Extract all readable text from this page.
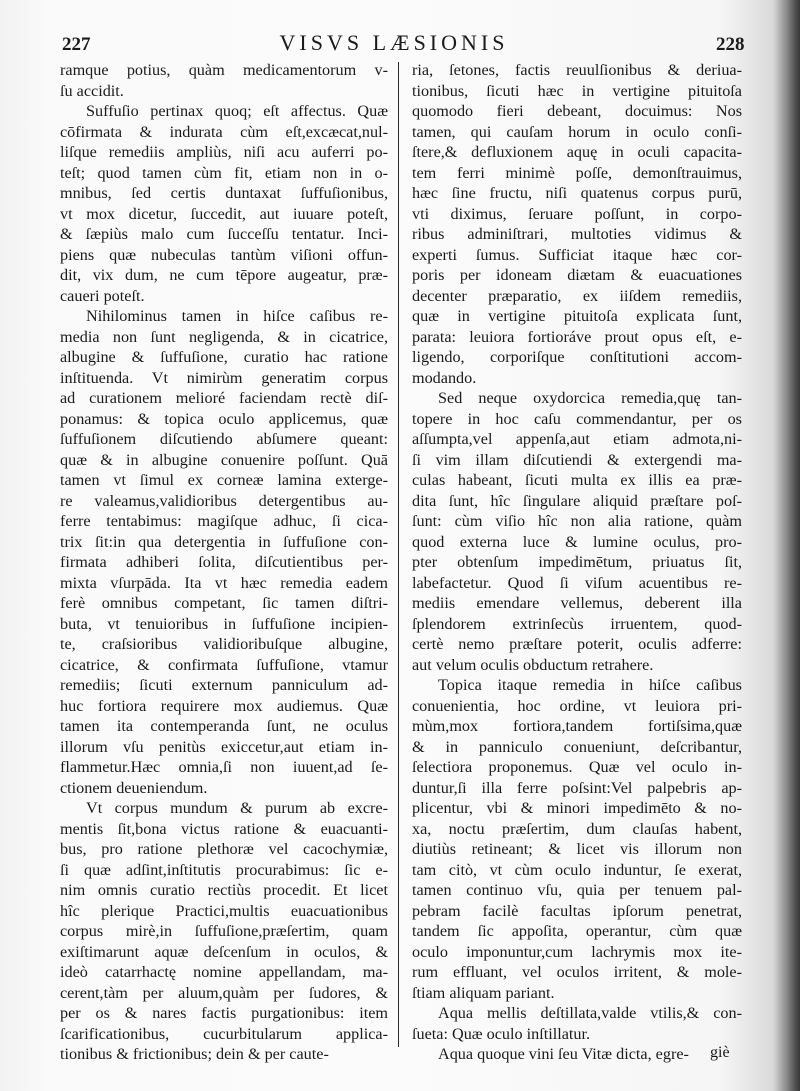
227	VISVS LÆSIONIS	228
ramque potius, quàm medicamentorum v-
ſu accidit.
Suffuſio pertinax quoq; eſt affectus. Quæ
cōfirmata & indurata cùm eſt,excæcat,nul-
liſque remediis ampliùs, niſi acu auferri po-
teſt; quod tamen cùm fit, etiam non in o-
mnibus, ſed certis duntaxat ſuffuſionibus,
vt mox dicetur, ſuccedit, aut iuuare poteſt,
& ſæpiùs malo cum ſucceſſu tentatur. Inci-
piens quæ nubeculas tantùm viſioni offun-
dit, vix dum, ne cum tēpore augeatur, præ-
caueri poteſt.
Nihilominus tamen in hiſce caſibus re-
media non ſunt negligenda, & in cicatrice,
albugine & ſuffuſione, curatio hac ratione
inſtituenda. Vt nimirùm generatim corpus
ad curationem melioré faciendam rectè diſ-
ponamus: & topica oculo applicemus, quæ
ſuffuſionem diſcutiendo abſumere queant:
quæ & in albugine conuenire poſſunt. Quā
tamen vt ſimul ex corneæ lamina exterge-
re valeamus,validioribus detergentibus au-
ferre tentabimus: magiſque adhuc, ſi cica-
trix ſit:in qua detergentia in ſuffuſione con-
firmata adhiberi ſolita, diſcutientibus per-
mixta vſurpāda. Ita vt hæc remedia eadem
ferè omnibus competant, ſic tamen diſtri-
buta, vt tenuioribus in ſuffuſione incipien-
te, craſsioribus validioribuſque albugine,
cicatrice, & confirmata ſuffuſione, vtamur
remediis; ſicuti externum panniculum ad-
huc fortiora requirere mox audiemus. Quæ
tamen ita contemperanda ſunt, ne oculus
illorum vſu penitùs exiccetur,aut etiam in-
flammetur.Hæc omnia,ſi non iuuent,ad ſe-
ctionem deueniendum.
Vt corpus mundum & purum ab excre-
mentis ſit,bona victus ratione & euacuanti-
bus, pro ratione plethoræ vel cacochymiæ,
ſi quæ adſint,inſtitutis procurabimus: ſic e-
nim omnis curatio rectiùs procedit. Et licet
hîc plerique Practici,multis euacuationibus
corpus mirè,in ſuffuſione,præſertim, quam
exiſtimarunt aquæ deſcenſum in oculos, &
ideò catarrhactę nomine appellandam, ma-
cerent,tàm per aluum,quàm per ſudores, &
per os & nares factis purgationibus: item
ſcarificationibus, cucurbitularum applica-
tionibus & frictionibus; dein & per caute-
ria, ſetones, factis reuulſionibus & deriua-
tionibus, ſicuti hæc in vertigine pituitoſa
quomodo fieri debeant, docuimus: Nos
tamen, qui cauſam horum in oculo conſi-
ſtere,& defluxionem aquę in oculi capacita-
tem ferri minimè poſſe, demonſtrauimus,
hæc ſine fructu, niſi quatenus corpus purū,
vti diximus, ſeruare poſſunt, in corpo-
ribus adminiſtrari, multoties vidimus &
experti ſumus. Sufficiat itaque hæc cor-
poris per idoneam diætam & euacuationes
decenter præparatio, ex iiſdem remediis,
quæ in vertigine pituitoſa explicata ſunt,
parata: leuiora fortioráve prout opus eſt, e-
ligendo, corporiſque conſtitutioni accom-
modando.
Sed neque oxydorcica remedia,quę tan-
topere in hoc caſu commendantur, per os
aſſumpta,vel appenſa,aut etiam admota,ni-
ſi vim illam diſcutiendi & extergendi ma-
culas habeant, ſicuti multa ex illis ea præ-
dita ſunt, hîc ſingulare aliquid præſtare poſ-
ſunt: cùm viſio hîc non alia ratione, quàm
quod externa luce & lumine oculus, pro-
pter obtenſum impedimētum, priuatus ſit,
labefactetur. Quod ſi viſum acuentibus re-
mediis emendare vellemus, deberent illa
ſplendorem extrinſecùs irruentem, quod-
certè nemo præſtare poterit, oculis adferre:
aut velum oculis obductum retrahere.
Topica itaque remedia in hiſce caſibus
conuenientia, hoc ordine, vt leuiora pri-
mùm,mox fortiora,tandem fortiſsima,quæ
& in panniculo conueniunt, deſcribantur,
ſelectiora proponemus. Quæ vel oculo in-
duntur,ſi illa ferre poſsint:Vel palpebris ap-
plicentur, vbi & minori impedimēto & no-
xa, noctu præſertim, dum clauſas habent,
diutiùs retineant; & licet vis illorum non
tam citò, vt cùm oculo induntur, ſe exerat,
tamen continuo vſu, quia per tenuem pal-
pebram facilè facultas ipſorum penetrat,
tandem ſic appoſita, operantur, cùm quæ
oculo imponuntur,cum lachrymis mox ite-
rum effluant, vel oculos irritent, & mole-
ſtiam aliquam pariant.
Aqua mellis deſtillata,valde vtilis,& con-
ſueta: Quæ oculo inſtillatur.
Aqua quoque vini ſeu Vitæ dicta, egre-	giè
